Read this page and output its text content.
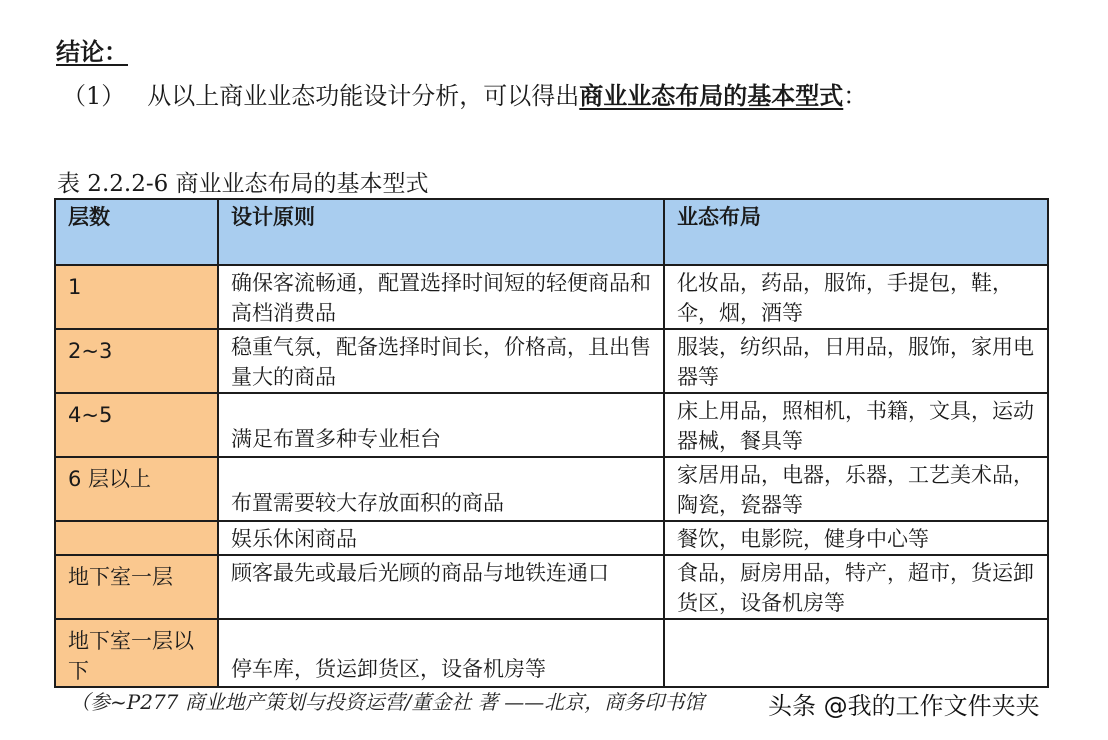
结论：
（1） 从以上商业业态功能设计分析，可以得出商业业态布局的基本型式：
表 2.2.2-6 商业业态布局的基本型式
层数	设计原则	业态布局
1	确保客流畅通，配置选择时间短的轻便商品和高档消费品	化妆品，药品，服饰，手提包，鞋，伞，烟，酒等
2~3	稳重气氛，配备选择时间长，价格高，且出售量大的商品	服装，纺织品，日用品，服饰，家用电器等
4~5	满足布置多种专业柜台	床上用品，照相机，书籍，文具，运动器械，餐具等
6 层以上	布置需要较大存放面积的商品	家居用品，电器，乐器，工艺美术品，陶瓷，瓷器等
	娱乐休闲商品	餐饮，电影院，健身中心等
地下室一层	顾客最先或最后光顾的商品与地铁连通口	食品，厨房用品，特产，超市，货运卸货区，设备机房等
地下室一层以下	停车库，货运卸货区，设备机房等	
（参~P277 商业地产策划与投资运营/董金社 著 ——北京，商务印书馆	头条 @我的工作文件夹夹
